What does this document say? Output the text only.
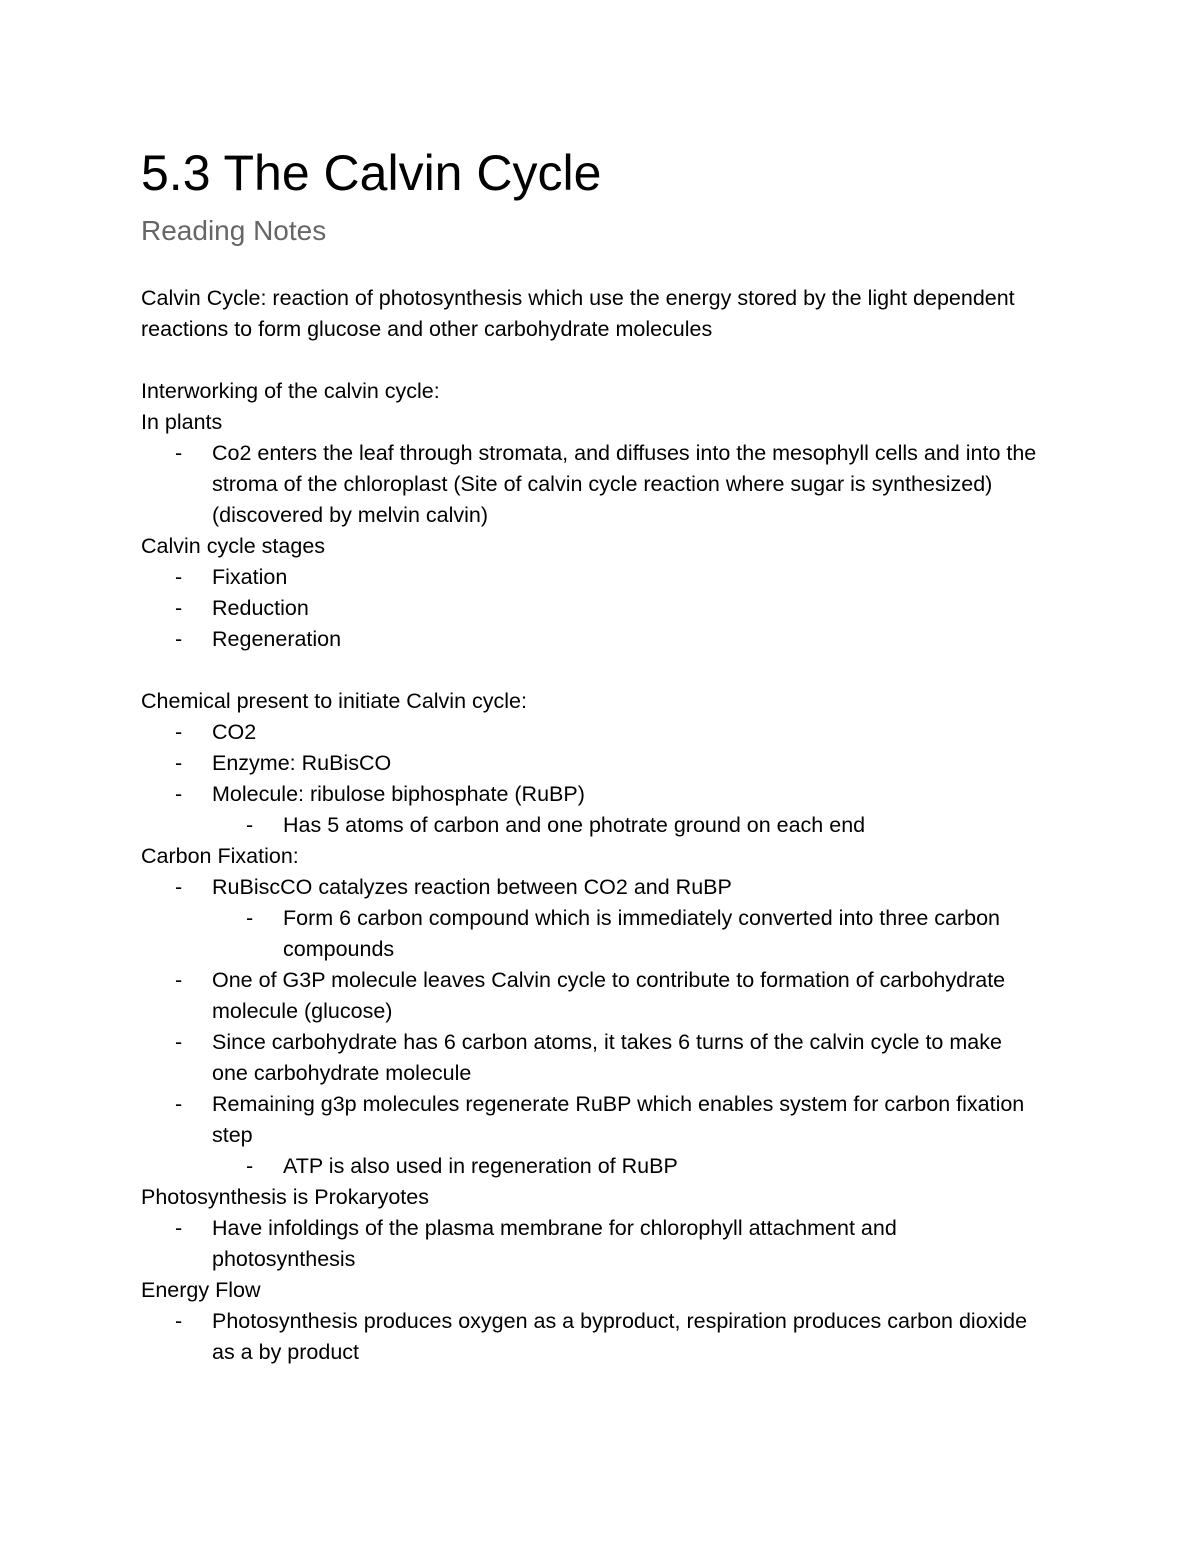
5.3 The Calvin Cycle
Reading Notes

Calvin Cycle: reaction of photosynthesis which use the energy stored by the light dependent reactions to form glucose and other carbohydrate molecules

Interworking of the calvin cycle:

In plants

- Co2 enters the leaf through stromata, and diffuses into the mesophyll cells and into the stroma of the chloroplast (Site of calvin cycle reaction where sugar is synthesized) (discovered by melvin calvin)

Calvin cycle stages

- Fixation
- Reduction
- Regeneration

Chemical present to initiate Calvin cycle:

- CO2
- Enzyme: RuBisCO
- Molecule: ribulose biphosphate (RuBP)
- Has 5 atoms of carbon and one photrate ground on each end

Carbon Fixation:

- RuBiscCO catalyzes reaction between CO2 and RuBP
- Form 6 carbon compound which is immediately converted into three carbon compounds
- One of G3P molecule leaves Calvin cycle to contribute to formation of carbohydrate molecule (glucose)
- Since carbohydrate has 6 carbon atoms, it takes 6 turns of the calvin cycle to make one carbohydrate molecule
- Remaining g3p molecules regenerate RuBP which enables system for carbon fixation step
- ATP is also used in regeneration of RuBP

Photosynthesis is Prokaryotes

- Have infoldings of the plasma membrane for chlorophyll attachment and photosynthesis

Energy Flow

- Photosynthesis produces oxygen as a byproduct, respiration produces carbon dioxide as a by product
